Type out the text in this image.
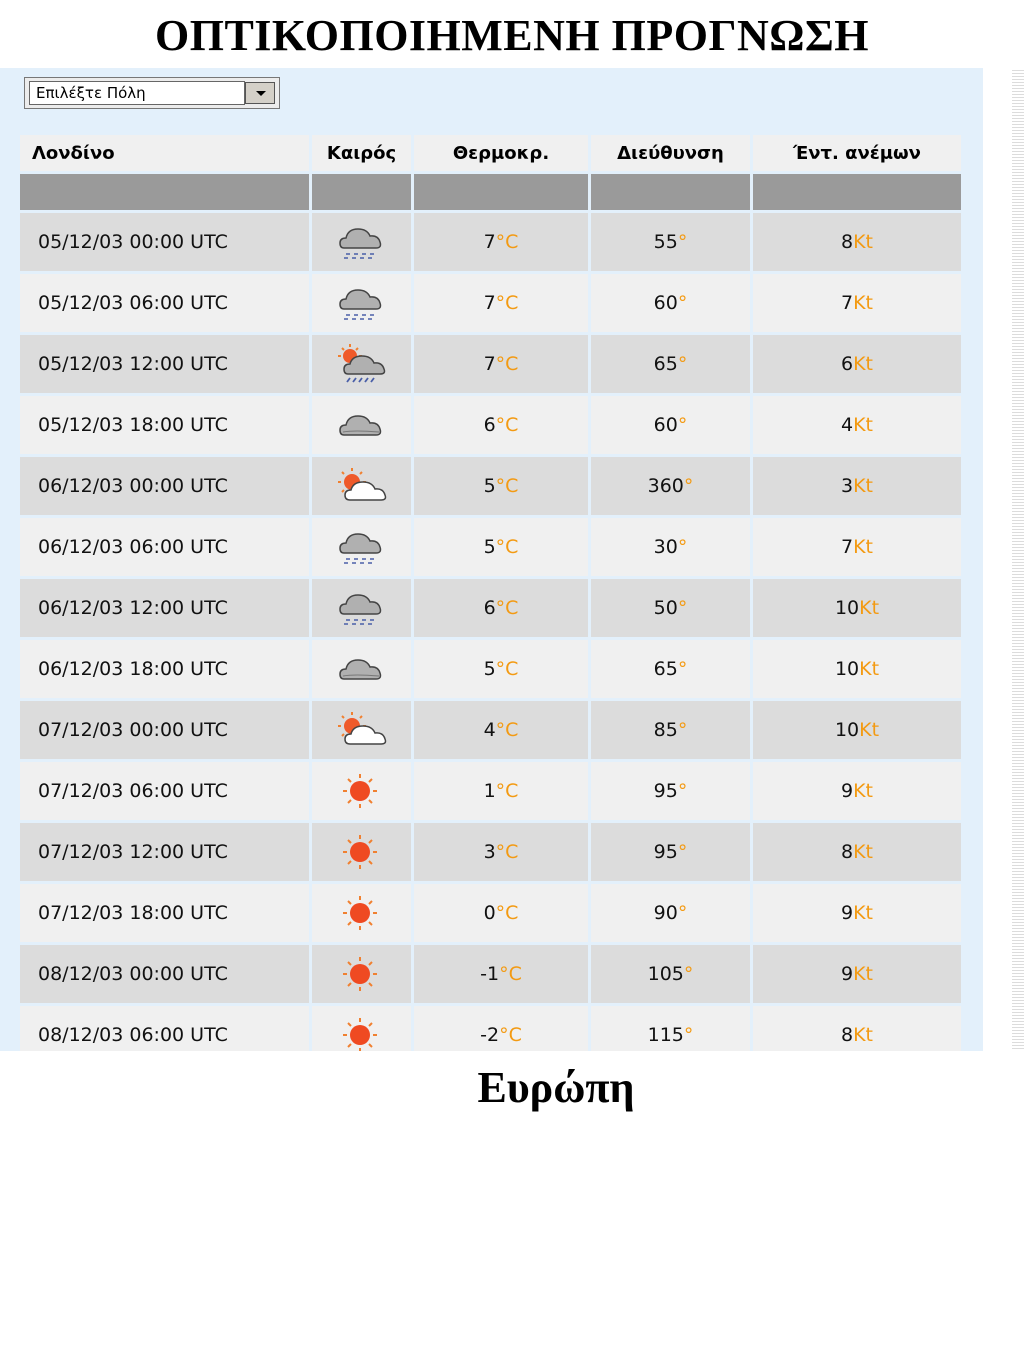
ΟΠΤΙΚΟΠΟΙΗΜΕΝΗ ΠΡΟΓΝΩΣΗ
Επιλέξτε Πόλη
Λονδίνο	Καιρός	Θερμοκρ.	Διεύθυνση	Έντ. ανέμων

05/12/03 00:00 UTC		7°C	55°	8Kt
05/12/03 06:00 UTC		7°C	60°	7Kt
05/12/03 12:00 UTC		7°C	65°	6Kt
05/12/03 18:00 UTC		6°C	60°	4Kt
06/12/03 00:00 UTC		5°C	360°	3Kt
06/12/03 06:00 UTC		5°C	30°	7Kt
06/12/03 12:00 UTC		6°C	50°	10Kt
06/12/03 18:00 UTC		5°C	65°	10Kt
07/12/03 00:00 UTC		4°C	85°	10Kt
07/12/03 06:00 UTC		1°C	95°	9Kt
07/12/03 12:00 UTC		3°C	95°	8Kt
07/12/03 18:00 UTC		0°C	90°	9Kt
08/12/03 00:00 UTC		-1°C	105°	9Kt
08/12/03 06:00 UTC		-2°C	115°	8Kt
Ευρώπη
